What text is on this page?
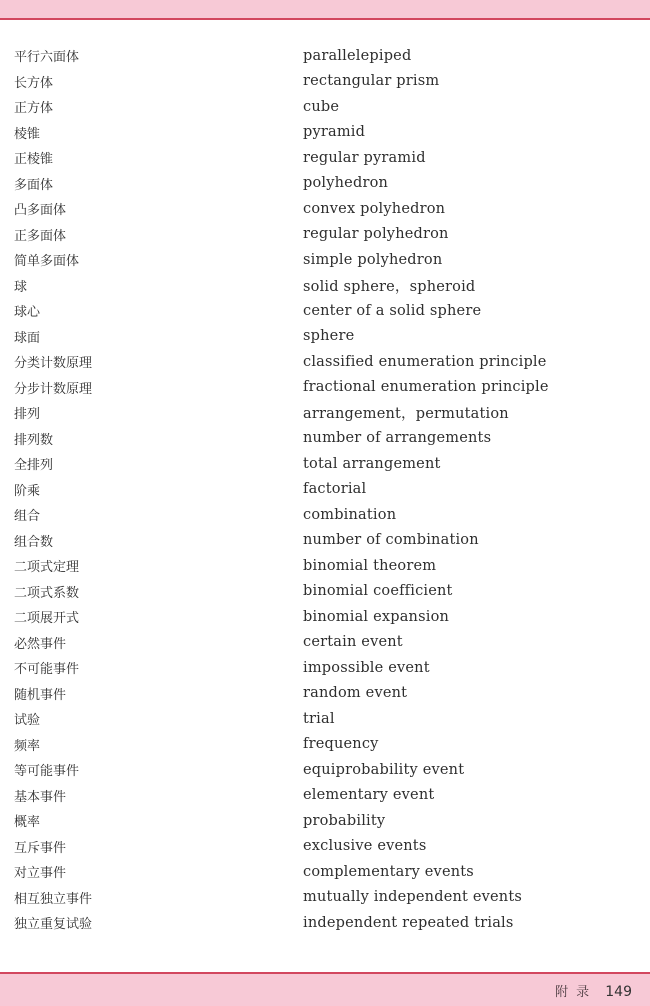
平行六面体	parallelepiped
长方体	rectangular prism
正方体	cube
棱锥	pyramid
正棱锥	regular pyramid
多面体	polyhedron
凸多面体	convex polyhedron
正多面体	regular polyhedron
简单多面体	simple polyhedron
球	solid sphere，spheroid
球心	center of a solid sphere
球面	sphere
分类计数原理	classified enumeration principle
分步计数原理	fractional enumeration principle
排列	arrangement，permutation
排列数	number of arrangements
全排列	total arrangement
阶乘	factorial
组合	combination
组合数	number of combination
二项式定理	binomial theorem
二项式系数	binomial coefficient
二项展开式	binomial expansion
必然事件	certain event
不可能事件	impossible event
随机事件	random event
试验	trial
频率	frequency
等可能事件	equiprobability event
基本事件	elementary event
概率	probability
互斥事件	exclusive events
对立事件	complementary events
相互独立事件	mutually independent events
独立重复试验	independent repeated trials
附录 149
